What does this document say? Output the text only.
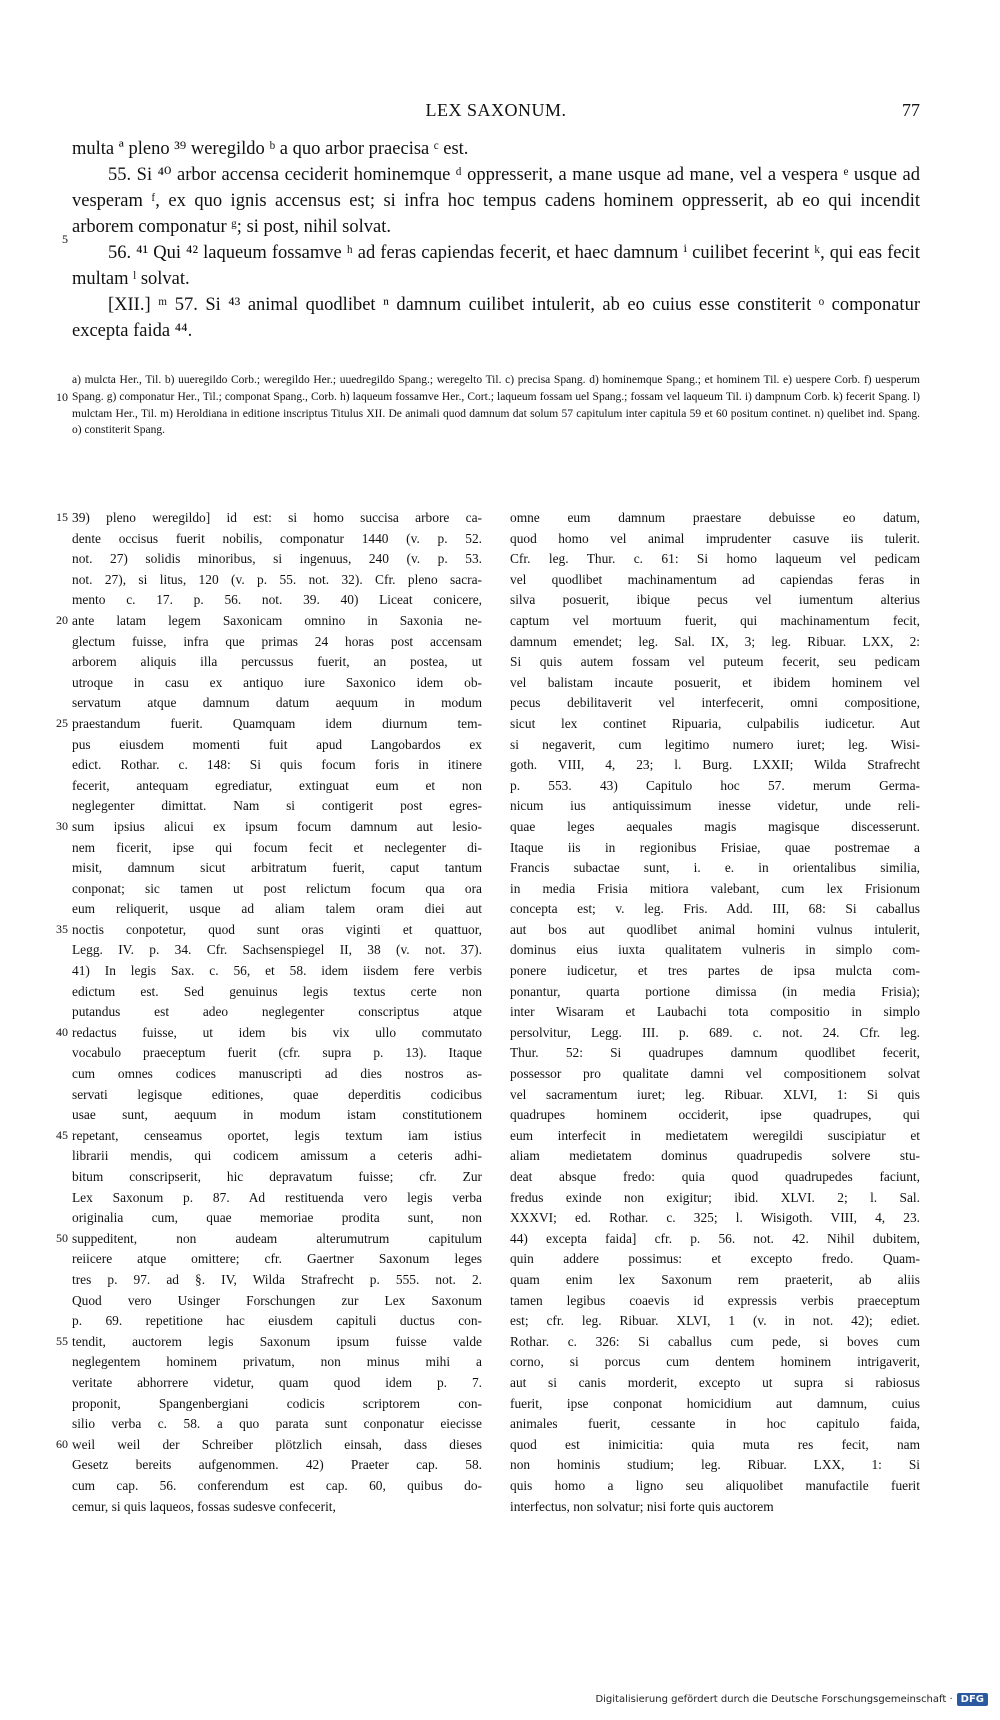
LEX SAXONUM.	77

multa ª pleno ³⁹ weregildo ᵇ a quo arbor praecisa ᶜ est.

55. Si ⁴⁰ arbor accensa ceciderit hominemque ᵈ oppresserit, a mane usque ad mane, vel a vespera ᵉ usque ad vesperam ᶠ, ex quo ignis accensus est; si infra hoc tempus cadens hominem oppresserit, ab eo qui incendit arborem componatur ᵍ; si post, nihil solvat.

56. ⁴¹ Qui ⁴² laqueum fossamve ʰ ad feras capiendas fecerit, et haec damnum ⁱ cuilibet fecerint ᵏ, qui eas fecit multam ˡ solvat.

[XII.] ᵐ 57. Si ⁴³ animal quodlibet ⁿ damnum cuilibet intulerit, ab eo cuius esse constiterit ᵒ componatur excepta faida ⁴⁴.

5

a) mulcta Her., Til. b) uueregildo Corb.; weregildo Her.; uuedregildo Spang.; weregelto Til. c) precisa Spang. d) hominemque Spang.; et hominem Til. e) uespere Corb. f) uesperum Spang. g) componatur Her., Til.; componat Spang., Corb. h) laqueum fossamve Her., Cort.; laqueum fossam uel Spang.; fossam vel laqueum Til. i) dampnum Corb. k) fecerit Spang. l) mulctam Her., Til. m) Heroldiana in editione inscriptus Titulus XII. De animali quod damnum dat solum 57 capitulum inter capitula 59 et 60 positum continet. n) quelibet ind. Spang. o) constiterit Spang.

10
39) pleno weregildo] id est: si homo succisa arbore ca-
dente occisus fuerit nobilis, componatur 1440 (v. p. 52.
not. 27) solidis minoribus, si ingenuus, 240 (v. p. 53.
not. 27), si litus, 120 (v. p. 55. not. 32). Cfr. pleno sacra-
mento c. 17. p. 56. not. 39. 40) Liceat conicere,
ante latam legem Saxonicam omnino in Saxonia ne-
glectum fuisse, infra que primas 24 horas post accensam
arborem aliquis illa percussus fuerit, an postea, ut
utroque in casu ex antiquo iure Saxonico idem ob-
servatum atque damnum datum aequum in modum
praestandum fuerit. Quamquam idem diurnum tem-
pus eiusdem momenti fuit apud Langobardos ex
edict. Rothar. c. 148: Si quis focum foris in itinere
fecerit, antequam egrediatur, extinguat eum et non
neglegenter dimittat. Nam si contigerit post egres-
sum ipsius alicui ex ipsum focum damnum aut lesio-
nem ficerit, ipse qui focum fecit et neclegenter di-
misit, damnum sicut arbitratum fuerit, caput tantum
conponat; sic tamen ut post relictum focum qua ora
eum reliquerit, usque ad aliam talem oram diei aut
noctis conpotetur, quod sunt oras viginti et quattuor,
Legg. IV. p. 34. Cfr. Sachsenspiegel II, 38 (v. not. 37).
41) In legis Sax. c. 56, et 58. idem iisdem fere verbis
edictum est. Sed genuinus legis textus certe non
putandus est adeo neglegenter conscriptus atque
redactus fuisse, ut idem bis vix ullo commutato
vocabulo praeceptum fuerit (cfr. supra p. 13). Itaque
cum omnes codices manuscripti ad dies nostros as-
servati legisque editiones, quae deperditis codicibus
usae sunt, aequum in modum istam constitutionem
repetant, censeamus oportet, legis textum iam istius
librarii mendis, qui codicem amissum a ceteris adhi-
bitum conscripserit, hic depravatum fuisse; cfr. Zur
Lex Saxonum p. 87. Ad restituenda vero legis verba
originalia cum, quae memoriae prodita sunt, non
suppeditent, non audeam alterumutrum capitulum
reiicere atque omittere; cfr. Gaertner Saxonum leges
tres p. 97. ad §. IV, Wilda Strafrecht p. 555. not. 2.
Quod vero Usinger Forschungen zur Lex Saxonum
p. 69. repetitione hac eiusdem capituli ductus con-
tendit, auctorem legis Saxonum ipsum fuisse valde
neglegentem hominem privatum, non minus mihi a
veritate abhorrere videtur, quam quod idem p. 7.
proponit, Spangenbergiani codicis scriptorem con-
silio verba c. 58. a quo parata sunt conponatur eiecisse
weil weil der Schreiber plötzlich einsah, dass dieses
Gesetz bereits aufgenommen. 42) Praeter cap. 58.
cum cap. 56. conferendum est cap. 60, quibus do-
cemur, si quis laqueos, fossas sudesve confecerit,
omne eum damnum praestare debuisse eo datum,
quod homo vel animal imprudenter casuve iis tulerit.
Cfr. leg. Thur. c. 61: Si homo laqueum vel pedicam
vel quodlibet machinamentum ad capiendas feras in
silva posuerit, ibique pecus vel iumentum alterius
captum vel mortuum fuerit, qui machinamentum fecit,
damnum emendet; leg. Sal. IX, 3; leg. Ribuar. LXX, 2:
Si quis autem fossam vel puteum fecerit, seu pedicam
vel balistam incaute posuerit, et ibidem hominem vel
pecus debilitaverit vel interfecerit, omni compositione,
sicut lex continet Ripuaria, culpabilis iudicetur. Aut
si negaverit, cum legitimo numero iuret; leg. Wisi-
goth. VIII, 4, 23; l. Burg. LXXII; Wilda Strafrecht
p. 553. 43) Capitulo hoc 57. merum Germa-
nicum ius antiquissimum inesse videtur, unde reli-
quae leges aequales magis magisque discesserunt.
Itaque iis in regionibus Frisiae, quae postremae a
Francis subactae sunt, i. e. in orientalibus similia,
in media Frisia mitiora valebant, cum lex Frisionum
concepta est; v. leg. Fris. Add. III, 68: Si caballus
aut bos aut quodlibet animal homini vulnus intulerit,
dominus eius iuxta qualitatem vulneris in simplo com-
ponere iudicetur, et tres partes de ipsa mulcta com-
ponantur, quarta portione dimissa (in media Frisia);
inter Wisaram et Laubachi tota compositio in simplo
persolvitur, Legg. III. p. 689. c. not. 24. Cfr. leg.
Thur. 52: Si quadrupes damnum quodlibet fecerit,
possessor pro qualitate damni vel compositionem solvat
vel sacramentum iuret; leg. Ribuar. XLVI, 1: Si quis
quadrupes hominem occiderit, ipse quadrupes, qui
eum interfecit in medietatem weregildi suscipiatur et
aliam medietatem dominus quadrupedis solvere stu-
deat absque fredo: quia quod quadrupedes faciunt,
fredus exinde non exigitur; ibid. XLVI. 2; l. Sal.
XXXVI; ed. Rothar. c. 325; l. Wisigoth. VIII, 4, 23.
44) excepta faida] cfr. p. 56. not. 42. Nihil dubitem,
quin addere possimus: et excepto fredo. Quam-
quam enim lex Saxonum rem praeterit, ab aliis
tamen legibus coaevis id expressis verbis praeceptum
est; cfr. leg. Ribuar. XLVI, 1 (v. in not. 42); ediet.
Rothar. c. 326: Si caballus cum pede, si boves cum
corno, si porcus cum dentem hominem intrigaverit,
aut si canis morderit, excepto ut supra si rabiosus
fuerit, ipse conponat homicidium aut damnum, cuius
animales fuerit, cessante in hoc capitulo faida,
quod est inimicitia: quia muta res fecit, nam
non hominis studium; leg. Ribuar. LXX, 1: Si
quis homo a ligno seu aliquolibet manufactile fuerit
interfectus, non solvatur; nisi forte quis auctorem
15
20
25
30
35
40
45
50
55
60
Digitalisierung gefördert durch die Deutsche Forschungsgemeinschaft · DFG
